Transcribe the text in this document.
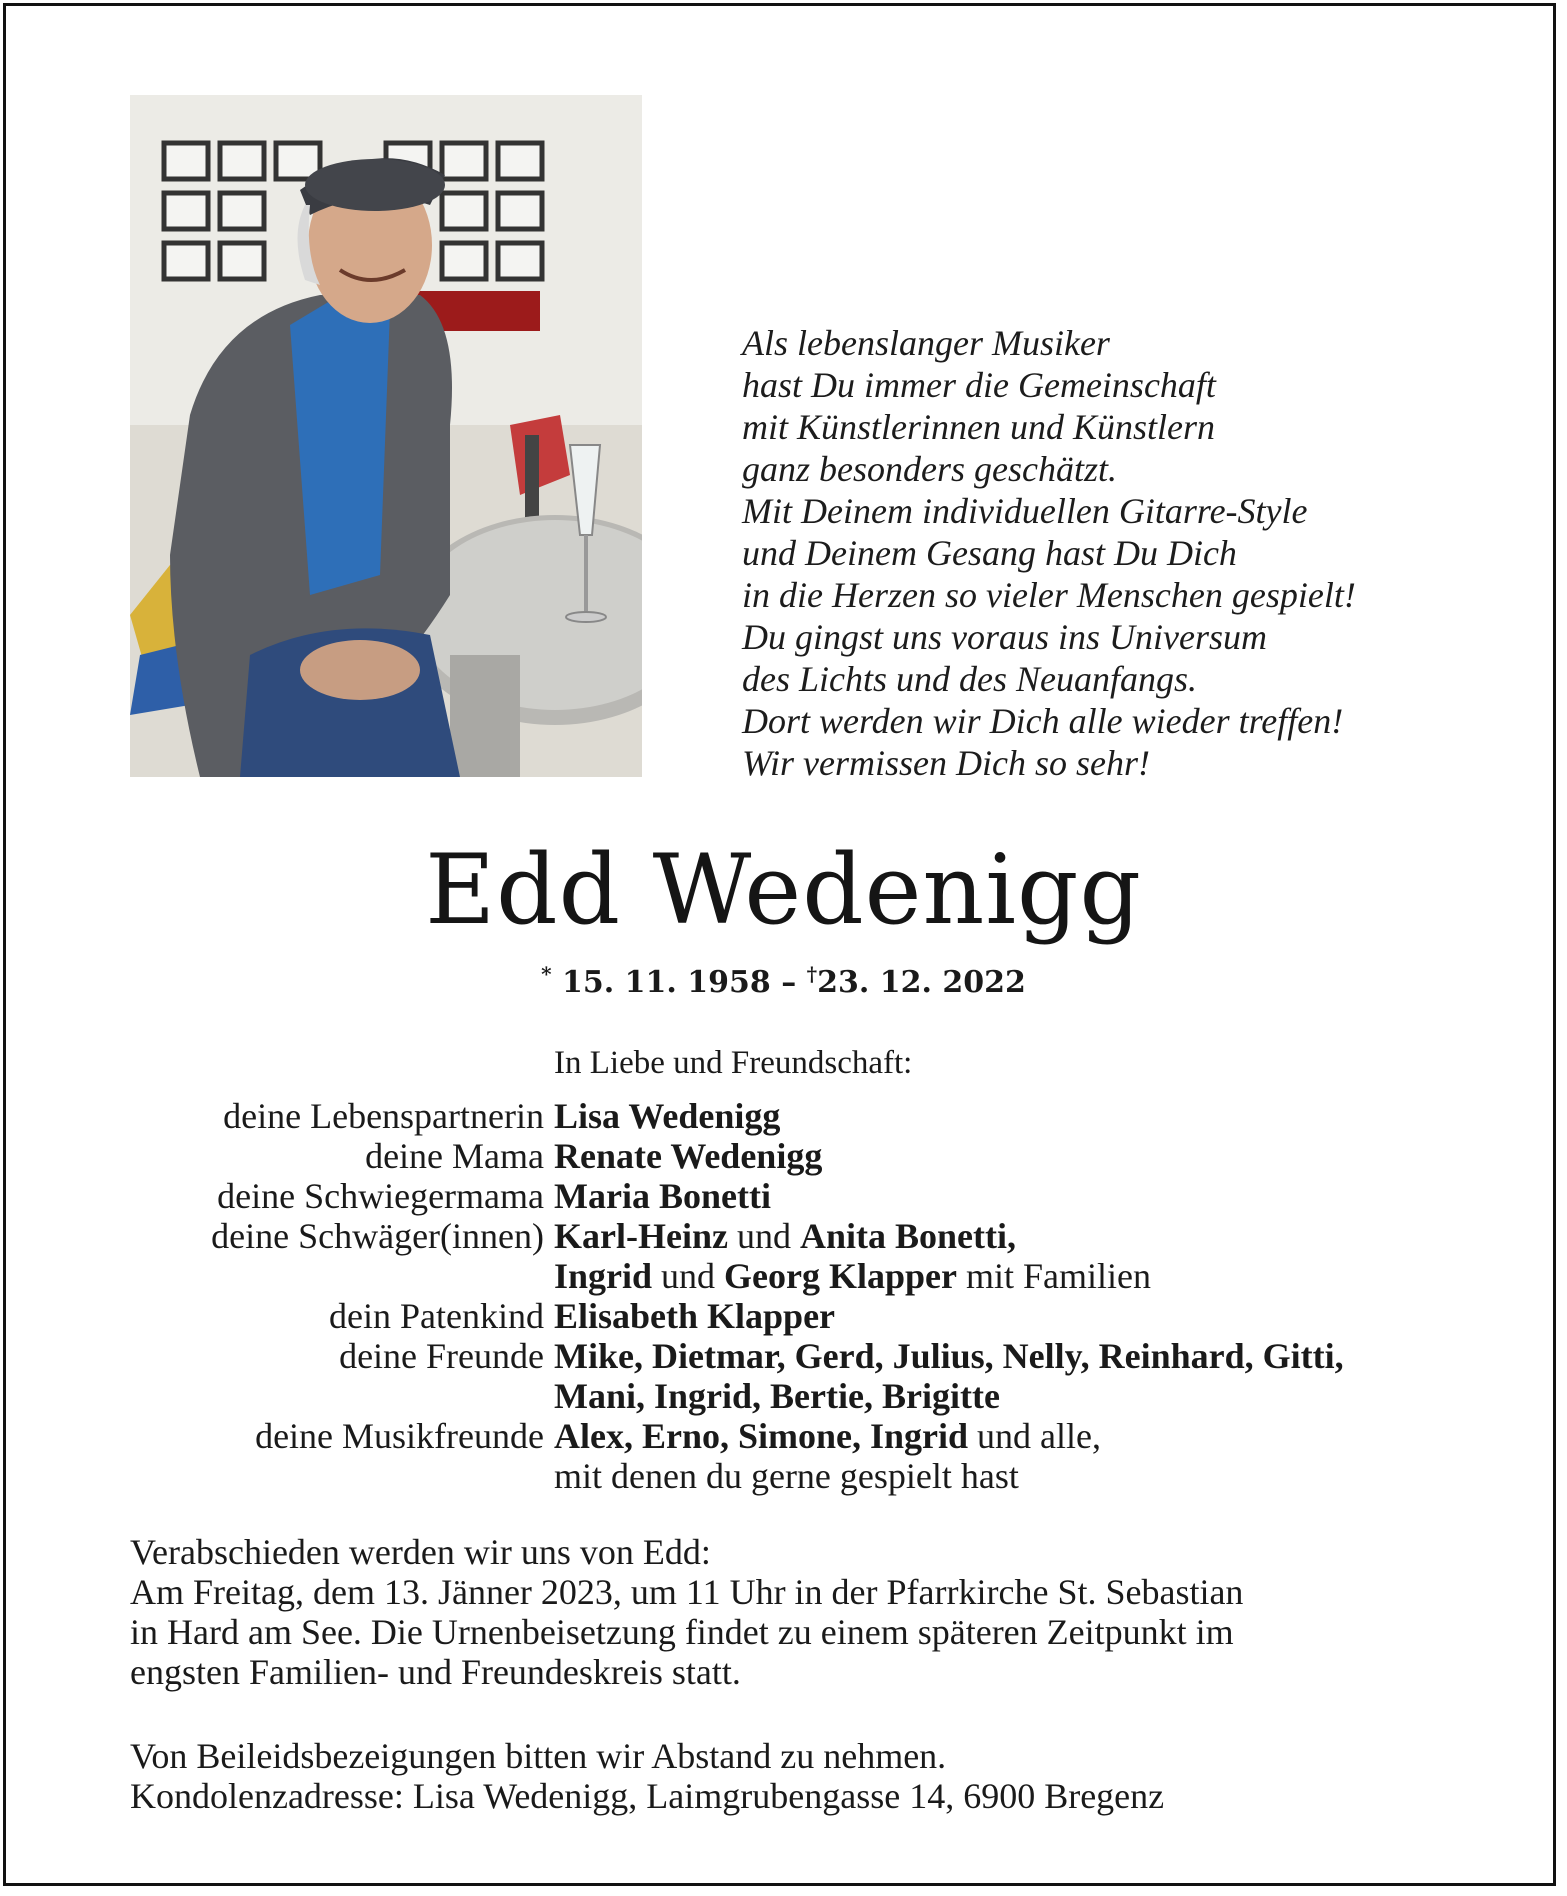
Als lebenslanger Musiker
hast Du immer die Gemeinschaft
mit Künstlerinnen und Künstlern
ganz besonders geschätzt.
Mit Deinem individuellen Gitarre-Style
und Deinem Gesang hast Du Dich
in die Herzen so vieler Menschen gespielt!
Du gingst uns voraus ins Universum
des Lichts und des Neuanfangs.
Dort werden wir Dich alle wieder treffen!
Wir vermissen Dich so sehr!
Edd Wedenigg
* 15. 11. 1958 – †23. 12. 2022
In Liebe und Freundschaft:
deine Lebenspartnerin Lisa Wedenigg
deine Mama Renate Wedenigg
deine Schwiegermama Maria Bonetti
deine Schwäger(innen) Karl-Heinz und Anita Bonetti,
Ingrid und Georg Klapper mit Familien
dein Patenkind Elisabeth Klapper
deine Freunde Mike, Dietmar, Gerd, Julius, Nelly, Reinhard, Gitti,
Mani, Ingrid, Bertie, Brigitte
deine Musikfreunde Alex, Erno, Simone, Ingrid und alle,
mit denen du gerne gespielt hast
Verabschieden werden wir uns von Edd:
Am Freitag, dem 13. Jänner 2023, um 11 Uhr in der Pfarrkirche St. Sebastian
in Hard am See. Die Urnenbeisetzung findet zu einem späteren Zeitpunkt im
engsten Familien- und Freundeskreis statt.
Von Beileidsbezeigungen bitten wir Abstand zu nehmen.
Kondolenzadresse: Lisa Wedenigg, Laimgrubengasse 14, 6900 Bregenz
